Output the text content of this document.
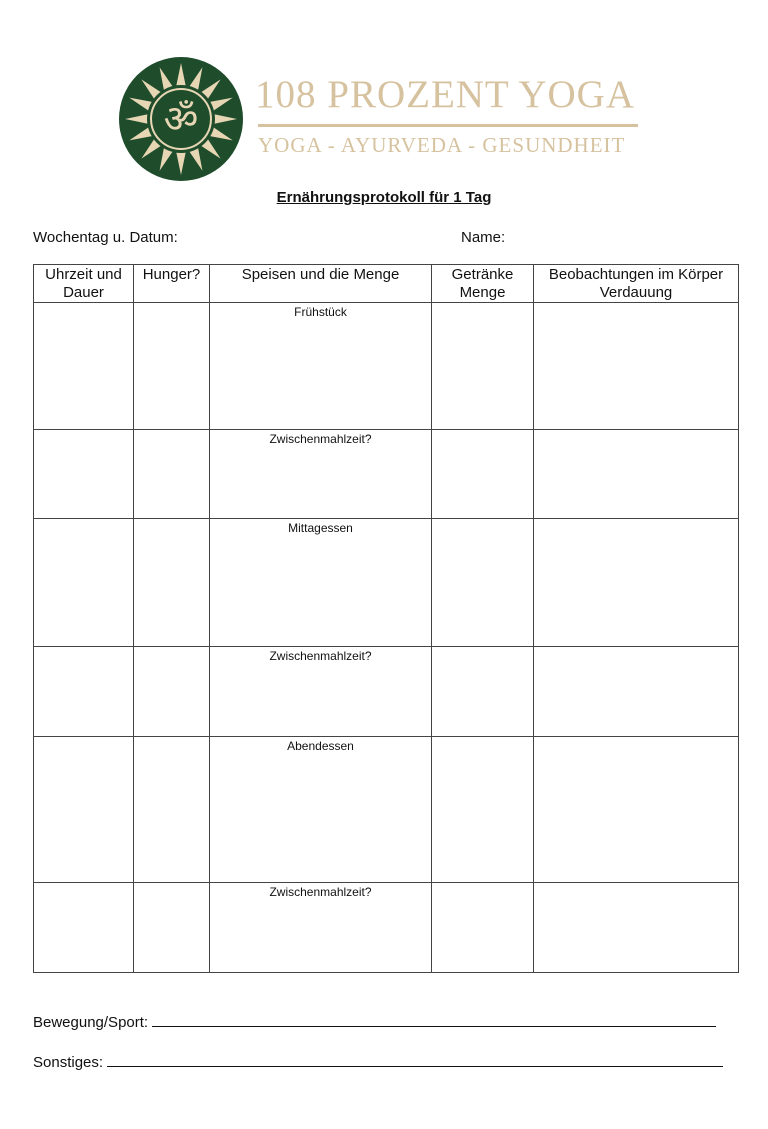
ॐ
108 PROZENT YOGA
YOGA - AYURVEDA - GESUNDHEIT
Ernährungsprotokoll für 1 Tag
Wochentag u. Datum:	Name:
Uhrzeit und Dauer	Hunger?	Speisen und die Menge	Getränke Menge	Beobachtungen im Körper Verdauung
		Frühstück		
		Zwischenmahlzeit?		
		Mittagessen		
		Zwischenmahlzeit?		
		Abendessen		
		Zwischenmahlzeit?		
Bewegung/Sport:
Sonstiges:
